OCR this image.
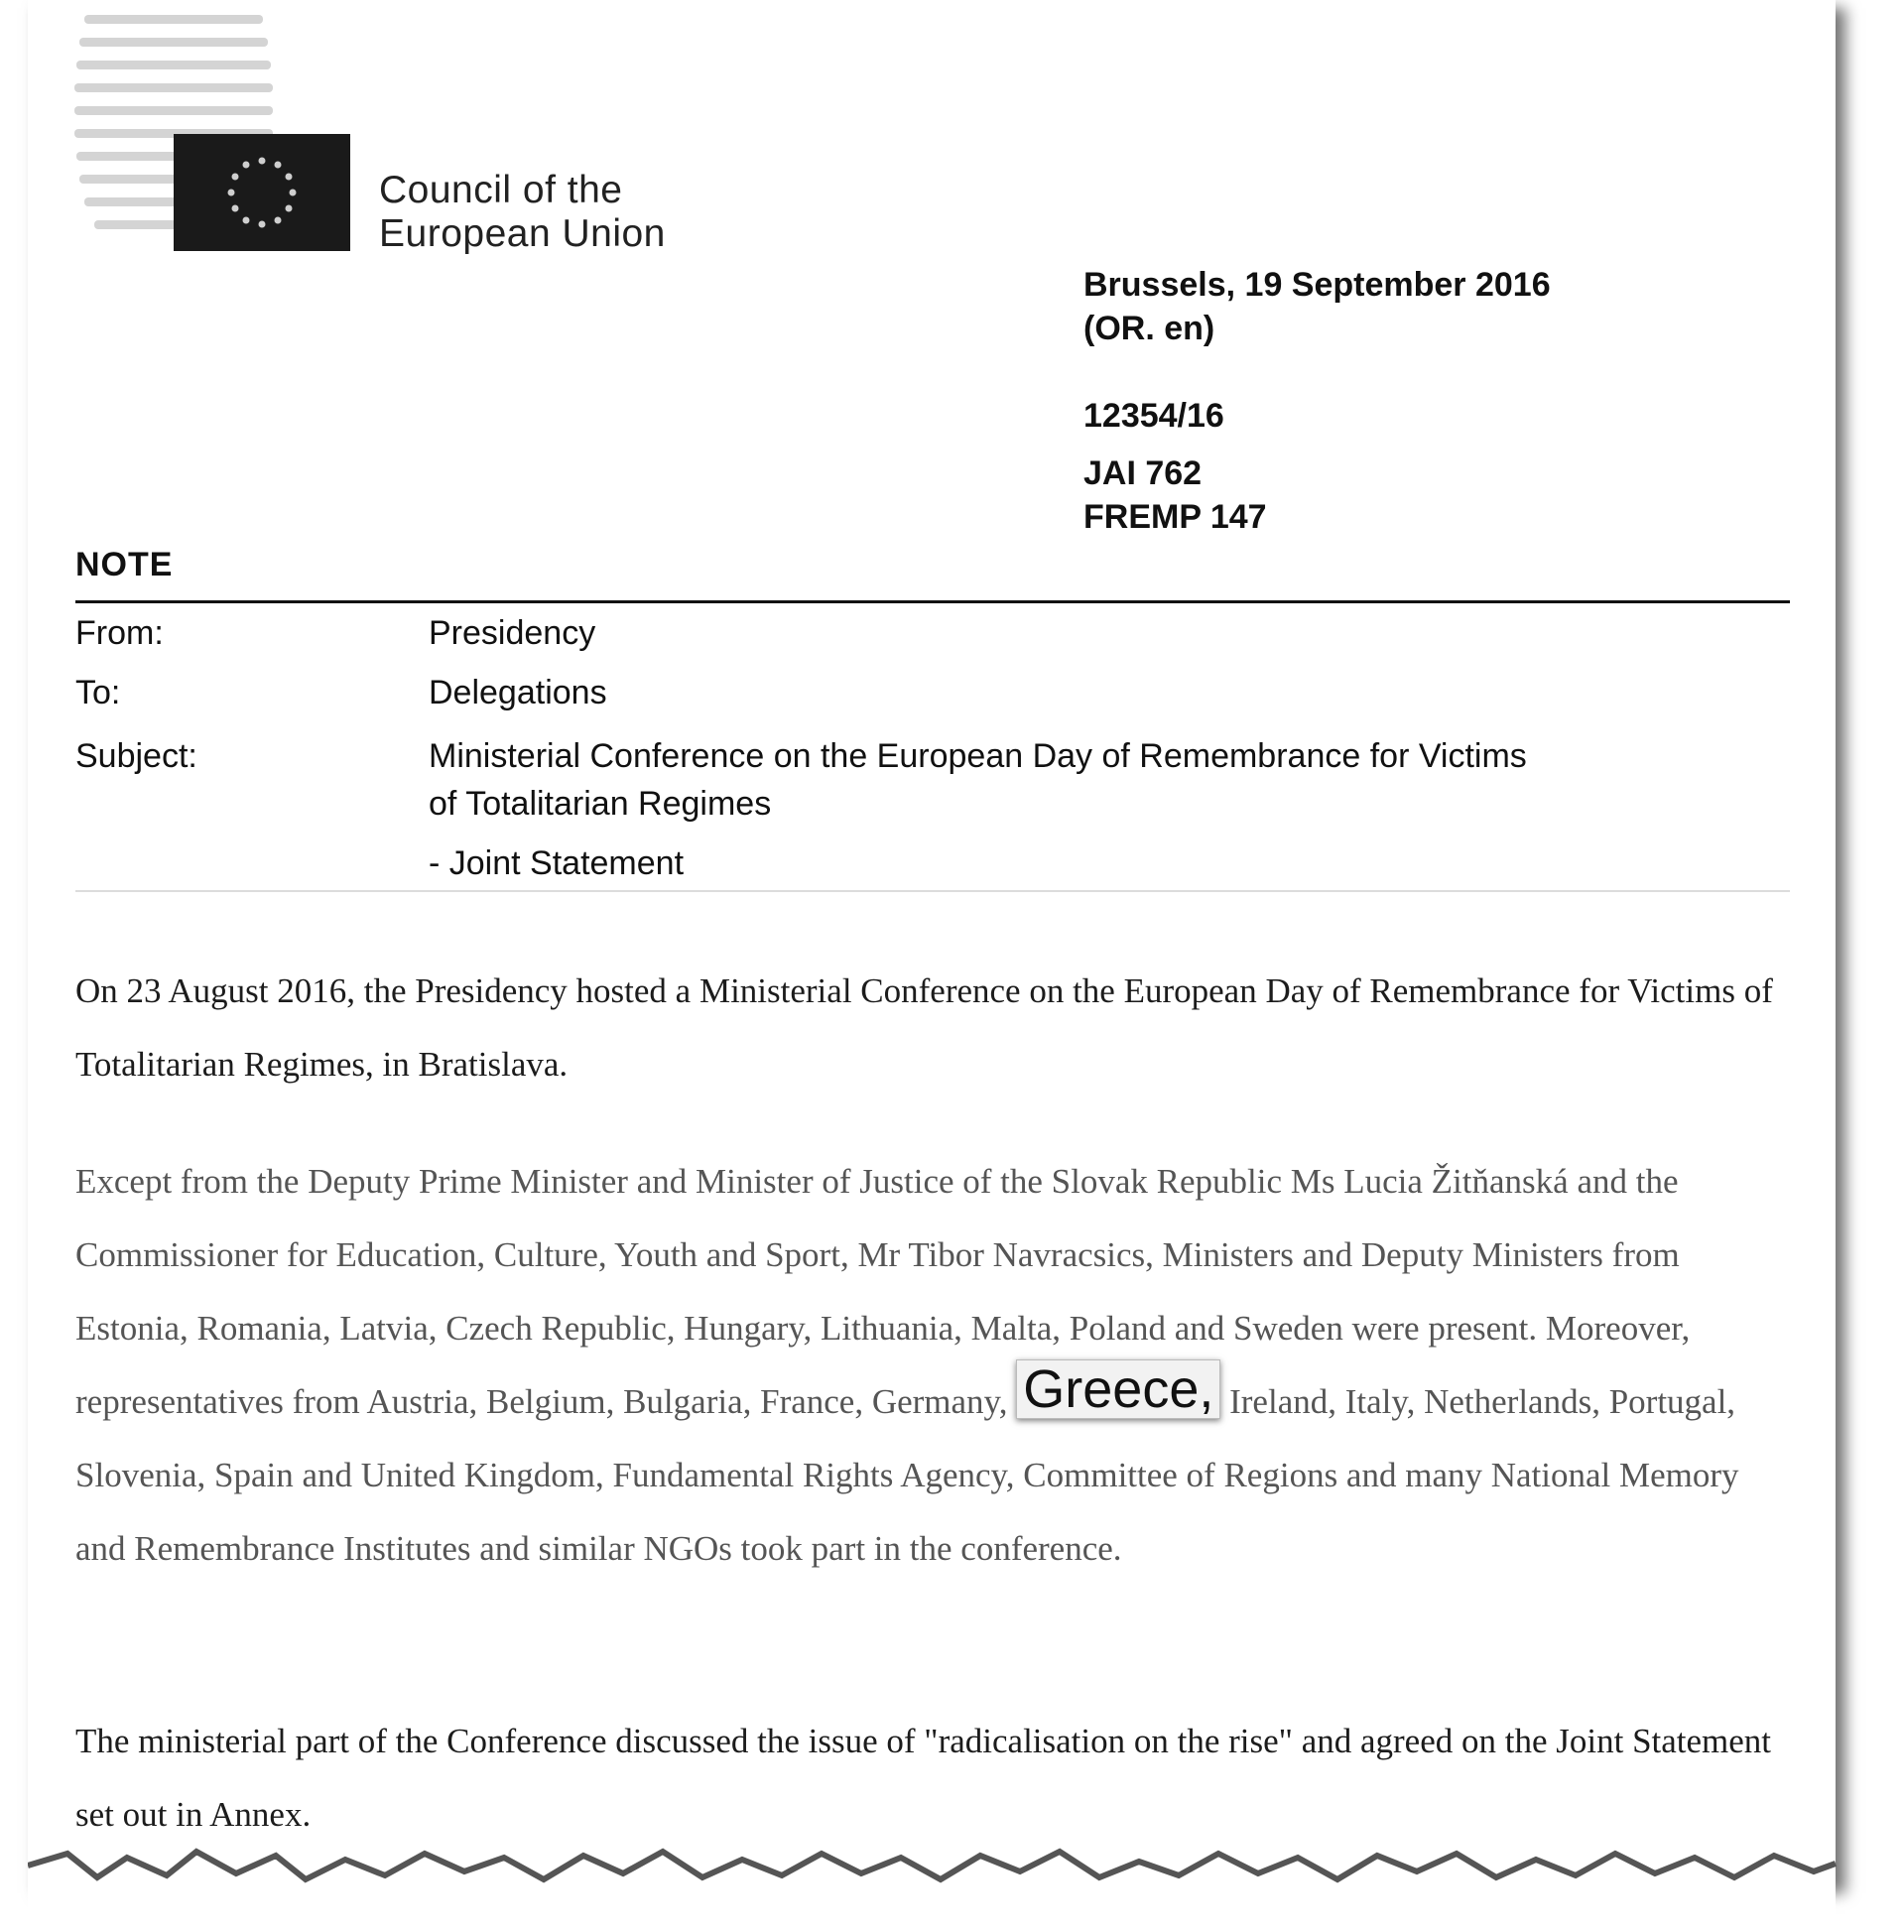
Council of the
European Union
Brussels, 19 September 2016
(OR. en)
12354/16
JAI 762
FREMP 147
NOTE
From:	Presidency
To:	Delegations
Subject:	Ministerial Conference on the European Day of Remembrance for Victims
of Totalitarian Regimes
- Joint Statement
On 23 August 2016, the Presidency hosted a Ministerial Conference on the European Day of Remembrance for Victims of Totalitarian Regimes, in Bratislava.
Except from the Deputy Prime Minister and Minister of Justice of the Slovak Republic Ms Lucia Žitňanská and the Commissioner for Education, Culture, Youth and Sport, Mr Tibor Navracsics, Ministers and Deputy Ministers from Estonia, Romania, Latvia, Czech Republic, Hungary, Lithuania, Malta, Poland and Sweden were present. Moreover, representatives from Austria, Belgium, Bulgaria, France, Germany, Greece, Ireland, Italy, Netherlands, Portugal, Slovenia, Spain and United Kingdom, Fundamental Rights Agency, Committee of Regions and many National Memory and Remembrance Institutes and similar NGOs took part in the conference.
The ministerial part of the Conference discussed the issue of "radicalisation on the rise" and agreed on the Joint Statement set out in Annex.
